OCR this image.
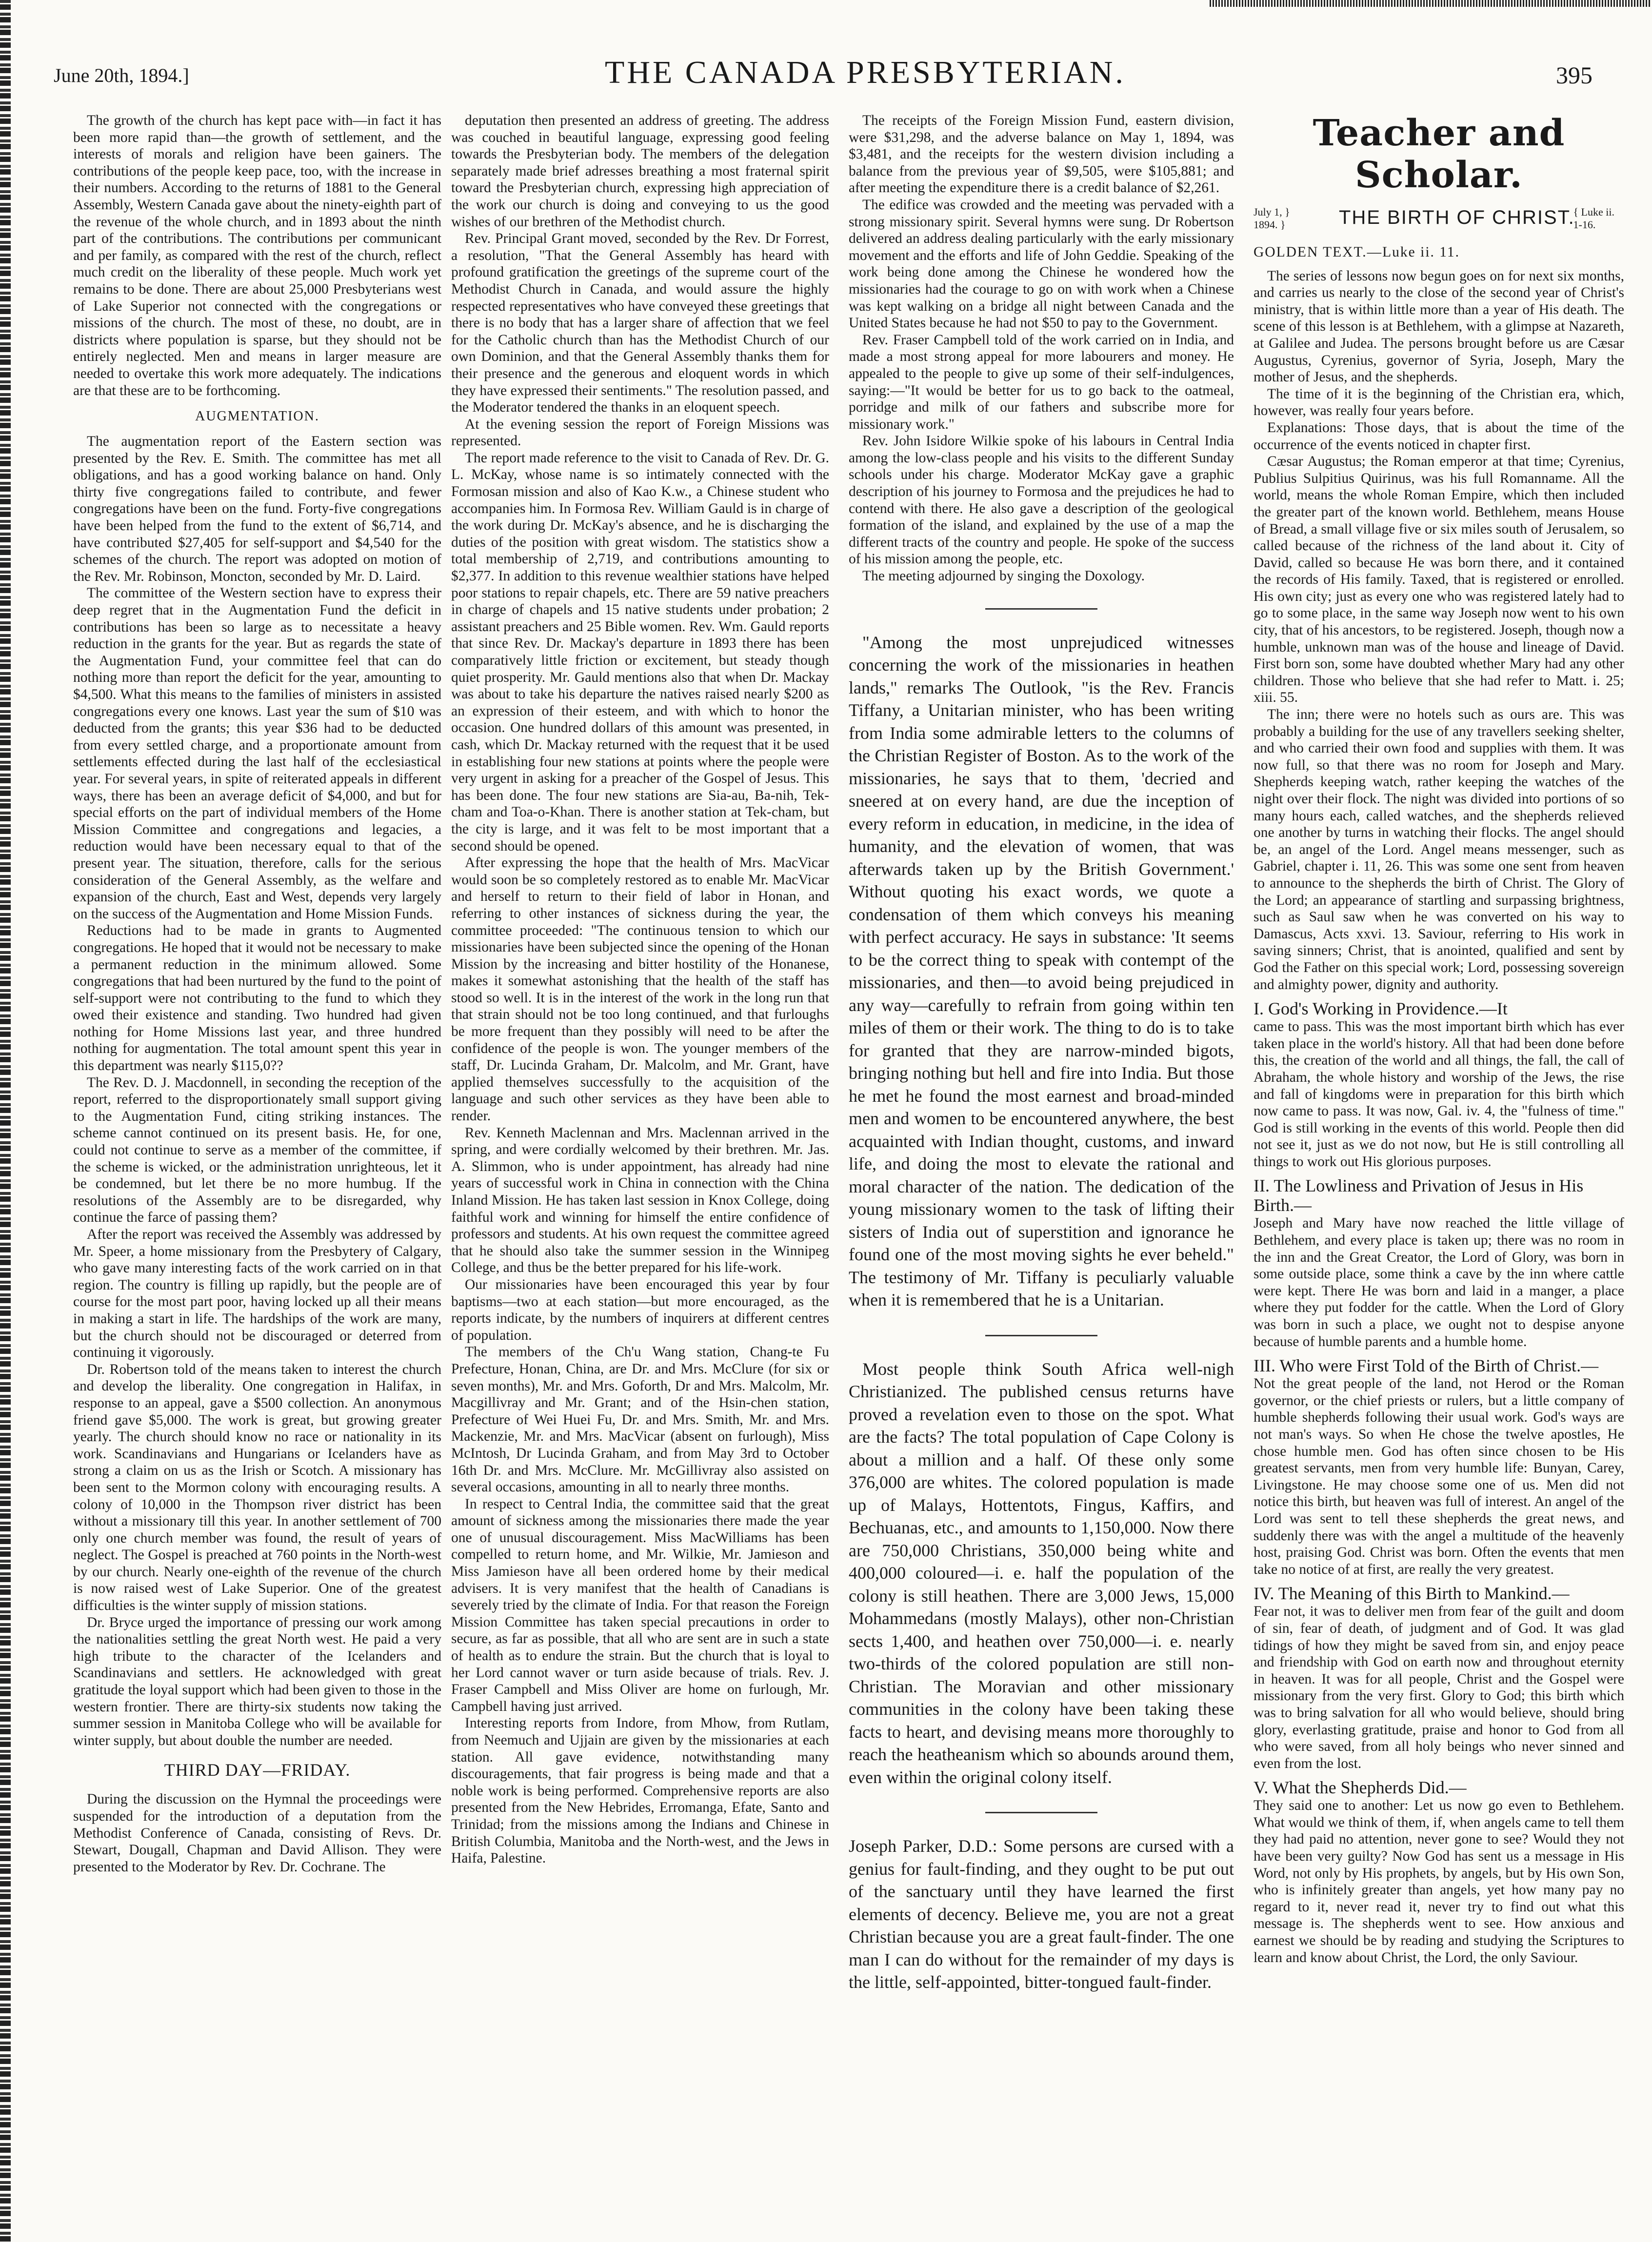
June 20th, 1894.]	THE CANADA PRESBYTERIAN.	395

The growth of the church has kept pace with—in fact it has been more rapid than—the growth of settlement, and the interests of morals and religion have been gainers. The contributions of the people keep pace, too, with the increase in their numbers. According to the returns of 1881 to the General Assembly, Western Canada gave about the ninety-eighth part of the revenue of the whole church, and in 1893 about the ninth part of the contributions. The contributions per communicant and per family, as compared with the rest of the church, reflect much credit on the liberality of these people. Much work yet remains to be done. There are about 25,000 Presbyterians west of Lake Superior not connected with the congregations or missions of the church. The most of these, no doubt, are in districts where population is sparse, but they should not be entirely neglected. Men and means in larger measure are needed to overtake this work more adequately. The indications are that these are to be forthcoming.

AUGMENTATION.

The augmentation report of the Eastern section was presented by the Rev. E. Smith. The committee has met all obligations, and has a good working balance on hand. Only thirty five congregations failed to contribute, and fewer congregations have been on the fund. Forty-five congregations have been helped from the fund to the extent of $6,714, and have contributed $27,405 for self-support and $4,540 for the schemes of the church. The report was adopted on motion of the Rev. Mr. Robinson, Moncton, seconded by Mr. D. Laird.

The committee of the Western section have to express their deep regret that in the Augmentation Fund the deficit in contributions has been so large as to necessitate a heavy reduction in the grants for the year. But as regards the state of the Augmentation Fund, your committee feel that can do nothing more than report the deficit for the year, amounting to $4,500. What this means to the families of ministers in assisted congregations every one knows. Last year the sum of $10 was deducted from the grants; this year $36 had to be deducted from every settled charge, and a proportionate amount from settlements effected during the last half of the ecclesiastical year. For several years, in spite of reiterated appeals in different ways, there has been an average deficit of $4,000, and but for special efforts on the part of individual members of the Home Mission Committee and congregations and legacies, a reduction would have been necessary equal to that of the present year. The situation, therefore, calls for the serious consideration of the General Assembly, as the welfare and expansion of the church, East and West, depends very largely on the success of the Augmentation and Home Mission Funds.

Reductions had to be made in grants to Augmented congregations. He hoped that it would not be necessary to make a permanent reduction in the minimum allowed. Some congregations that had been nurtured by the fund to the point of self-support were not contributing to the fund to which they owed their existence and standing. Two hundred had given nothing for Home Missions last year, and three hundred nothing for augmentation. The total amount spent this year in this department was nearly $115,0??

The Rev. D. J. Macdonnell, in seconding the reception of the report, referred to the disproportionately small support giving to the Augmentation Fund, citing striking instances. The scheme cannot continued on its present basis. He, for one, could not continue to serve as a member of the committee, if the scheme is wicked, or the administration unrighteous, let it be condemned, but let there be no more humbug. If the resolutions of the Assembly are to be disregarded, why continue the farce of passing them?

After the report was received the Assembly was addressed by Mr. Speer, a home missionary from the Presbytery of Calgary, who gave many interesting facts of the work carried on in that region. The country is filling up rapidly, but the people are of course for the most part poor, having locked up all their means in making a start in life. The hardships of the work are many, but the church should not be discouraged or deterred from continuing it vigorously.

Dr. Robertson told of the means taken to interest the church and develop the liberality. One congregation in Halifax, in response to an appeal, gave a $500 collection. An anonymous friend gave $5,000. The work is great, but growing greater yearly. The church should know no race or nationality in its work. Scandinavians and Hungarians or Icelanders have as strong a claim on us as the Irish or Scotch. A missionary has been sent to the Mormon colony with encouraging results. A colony of 10,000 in the Thompson river district has been without a missionary till this year. In another settlement of 700 only one church member was found, the result of years of neglect. The Gospel is preached at 760 points in the North-west by our church. Nearly one-eighth of the revenue of the church is now raised west of Lake Superior. One of the greatest difficulties is the winter supply of mission stations.

Dr. Bryce urged the importance of pressing our work among the nationalities settling the great North west. He paid a very high tribute to the character of the Icelanders and Scandinavians and settlers. He acknowledged with great gratitude the loyal support which had been given to those in the western frontier. There are thirty-six students now taking the summer session in Manitoba College who will be available for winter supply, but about double the number are needed.

THIRD DAY—FRIDAY.

During the discussion on the Hymnal the proceedings were suspended for the introduction of a deputation from the Methodist Conference of Canada, consisting of Revs. Dr. Stewart, Dougall, Chapman and David Allison. They were presented to the Moderator by Rev. Dr. Cochrane. The

deputation then presented an address of greeting. The address was couched in beautiful language, expressing good feeling towards the Presbyterian body. The members of the delegation separately made brief adresses breathing a most fraternal spirit toward the Presbyterian church, expressing high appreciation of the work our church is doing and conveying to us the good wishes of our brethren of the Methodist church.

Rev. Principal Grant moved, seconded by the Rev. Dr Forrest, a resolution, "That the General Assembly has heard with profound gratification the greetings of the supreme court of the Methodist Church in Canada, and would assure the highly respected representatives who have conveyed these greetings that there is no body that has a larger share of affection that we feel for the Catholic church than has the Methodist Church of our own Dominion, and that the General Assembly thanks them for their presence and the generous and eloquent words in which they have expressed their sentiments." The resolution passed, and the Moderator tendered the thanks in an eloquent speech.

At the evening session the report of Foreign Missions was represented.

The report made reference to the visit to Canada of Rev. Dr. G. L. McKay, whose name is so intimately connected with the Formosan mission and also of Kao K.w., a Chinese student who accompanies him. In Formosa Rev. William Gauld is in charge of the work during Dr. McKay's absence, and he is discharging the duties of the position with great wisdom. The statistics show a total membership of 2,719, and contributions amounting to $2,377. In addition to this revenue wealthier stations have helped poor stations to repair chapels, etc. There are 59 native preachers in charge of chapels and 15 native students under probation; 2 assistant preachers and 25 Bible women. Rev. Wm. Gauld reports that since Rev. Dr. Mackay's departure in 1893 there has been comparatively little friction or excitement, but steady though quiet prosperity. Mr. Gauld mentions also that when Dr. Mackay was about to take his departure the natives raised nearly $200 as an expression of their esteem, and with which to honor the occasion. One hundred dollars of this amount was presented, in cash, which Dr. Mackay returned with the request that it be used in establishing four new stations at points where the people were very urgent in asking for a preacher of the Gospel of Jesus. This has been done. The four new stations are Sia-au, Ba-nih, Tek-cham and Toa-o-Khan. There is another station at Tek-cham, but the city is large, and it was felt to be most important that a second should be opened.

After expressing the hope that the health of Mrs. MacVicar would soon be so completely restored as to enable Mr. MacVicar and herself to return to their field of labor in Honan, and referring to other instances of sickness during the year, the committee proceeded: "The continuous tension to which our missionaries have been subjected since the opening of the Honan Mission by the increasing and bitter hostility of the Honanese, makes it somewhat astonishing that the health of the staff has stood so well. It is in the interest of the work in the long run that that strain should not be too long continued, and that furloughs be more frequent than they possibly will need to be after the confidence of the people is won. The younger members of the staff, Dr. Lucinda Graham, Dr. Malcolm, and Mr. Grant, have applied themselves successfully to the acquisition of the language and such other services as they have been able to render.

Rev. Kenneth Maclennan and Mrs. Maclennan arrived in the spring, and were cordially welcomed by their brethren. Mr. Jas. A. Slimmon, who is under appointment, has already had nine years of successful work in China in connection with the China Inland Mission. He has taken last session in Knox College, doing faithful work and winning for himself the entire confidence of professors and students. At his own request the committee agreed that he should also take the summer session in the Winnipeg College, and thus be the better prepared for his life-work.

Our missionaries have been encouraged this year by four baptisms—two at each station—but more encouraged, as the reports indicate, by the numbers of inquirers at different centres of population.

The members of the Ch'u Wang station, Chang-te Fu Prefecture, Honan, China, are Dr. and Mrs. McClure (for six or seven months), Mr. and Mrs. Goforth, Dr and Mrs. Malcolm, Mr. Macgillivray and Mr. Grant; and of the Hsin-chen station, Prefecture of Wei Huei Fu, Dr. and Mrs. Smith, Mr. and Mrs. Mackenzie, Mr. and Mrs. MacVicar (absent on furlough), Miss McIntosh, Dr Lucinda Graham, and from May 3rd to October 16th Dr. and Mrs. McClure. Mr. McGillivray also assisted on several occasions, amounting in all to nearly three months.

In respect to Central India, the committee said that the great amount of sickness among the missionaries there made the year one of unusual discouragement. Miss MacWilliams has been compelled to return home, and Mr. Wilkie, Mr. Jamieson and Miss Jamieson have all been ordered home by their medical advisers. It is very manifest that the health of Canadians is severely tried by the climate of India. For that reason the Foreign Mission Committee has taken special precautions in order to secure, as far as possible, that all who are sent are in such a state of health as to endure the strain. But the church that is loyal to her Lord cannot waver or turn aside because of trials. Rev. J. Fraser Campbell and Miss Oliver are home on furlough, Mr. Campbell having just arrived.

Interesting reports from Indore, from Mhow, from Rutlam, from Neemuch and Ujjain are given by the missionaries at each station. All gave evidence, notwithstanding many discouragements, that fair progress is being made and that a noble work is being performed. Comprehensive reports are also presented from the New Hebrides, Erromanga, Efate, Santo and Trinidad; from the missions among the Indians and Chinese in British Columbia, Manitoba and the North-west, and the Jews in Haifa, Palestine.

The receipts of the Foreign Mission Fund, eastern division, were $31,298, and the adverse balance on May 1, 1894, was $3,481, and the receipts for the western division including a balance from the previous year of $9,505, were $105,881; and after meeting the expenditure there is a credit balance of $2,261.

The edifice was crowded and the meeting was pervaded with a strong missionary spirit. Several hymns were sung. Dr Robertson delivered an address dealing particularly with the early missionary movement and the efforts and life of John Geddie. Speaking of the work being done among the Chinese he wondered how the missionaries had the courage to go on with work when a Chinese was kept walking on a bridge all night between Canada and the United States because he had not $50 to pay to the Government.

Rev. Fraser Campbell told of the work carried on in India, and made a most strong appeal for more labourers and money. He appealed to the people to give up some of their self-indulgences, saying:—"It would be better for us to go back to the oatmeal, porridge and milk of our fathers and subscribe more for missionary work."

Rev. John Isidore Wilkie spoke of his labours in Central India among the low-class people and his visits to the different Sunday schools under his charge. Moderator McKay gave a graphic description of his journey to Formosa and the prejudices he had to contend with there. He also gave a description of the geological formation of the island, and explained by the use of a map the different tracts of the country and people. He spoke of the success of his mission among the people, etc.

The meeting adjourned by singing the Doxology.

"Among the most unprejudiced witnesses concerning the work of the missionaries in heathen lands," remarks The Outlook, "is the Rev. Francis Tiffany, a Unitarian minister, who has been writing from India some admirable letters to the columns of the Christian Register of Boston. As to the work of the missionaries, he says that to them, 'decried and sneered at on every hand, are due the inception of every reform in education, in medicine, in the idea of humanity, and the elevation of women, that was afterwards taken up by the British Government.' Without quoting his exact words, we quote a condensation of them which conveys his meaning with perfect accuracy. He says in substance: 'It seems to be the correct thing to speak with contempt of the missionaries, and then—to avoid being prejudiced in any way—carefully to refrain from going within ten miles of them or their work. The thing to do is to take for granted that they are narrow-minded bigots, bringing nothing but hell and fire into India. But those he met he found the most earnest and broad-minded men and women to be encountered anywhere, the best acquainted with Indian thought, customs, and inward life, and doing the most to elevate the rational and moral character of the nation. The dedication of the young missionary women to the task of lifting their sisters of India out of superstition and ignorance he found one of the most moving sights he ever beheld." The testimony of Mr. Tiffany is peculiarly valuable when it is remembered that he is a Unitarian.

Most people think South Africa well-nigh Christianized. The published census returns have proved a revelation even to those on the spot. What are the facts? The total population of Cape Colony is about a million and a half. Of these only some 376,000 are whites. The colored population is made up of Malays, Hottentots, Fingus, Kaffirs, and Bechuanas, etc., and amounts to 1,150,000. Now there are 750,000 Christians, 350,000 being white and 400,000 coloured—i. e. half the population of the colony is still heathen. There are 3,000 Jews, 15,000 Mohammedans (mostly Malays), other non-Christian sects 1,400, and heathen over 750,000—i. e. nearly two-thirds of the colored population are still non-Christian. The Moravian and other missionary communities in the colony have been taking these facts to heart, and devising means more thoroughly to reach the heatheanism which so abounds around them, even within the original colony itself.

Joseph Parker, D.D.: Some persons are cursed with a genius for fault-finding, and they ought to be put out of the sanctuary until they have learned the first elements of decency. Believe me, you are not a great Christian because you are a great fault-finder. The one man I can do without for the remainder of my days is the little, self-appointed, bitter-tongued fault-finder.

Teacher and Scholar.
July 1, }
1894. }	THE BIRTH OF CHRIST.
{ Luke ii.
1-16.

GOLDEN TEXT.—Luke ii. 11.

The series of lessons now begun goes on for next six months, and carries us nearly to the close of the second year of Christ's ministry, that is within little more than a year of His death. The scene of this lesson is at Bethlehem, with a glimpse at Nazareth, at Galilee and Judea. The persons brought before us are Cæsar Augustus, Cyrenius, governor of Syria, Joseph, Mary the mother of Jesus, and the shepherds.

The time of it is the beginning of the Christian era, which, however, was really four years before.

Explanations: Those days, that is about the time of the occurrence of the events noticed in chapter first.

Cæsar Augustus; the Roman emperor at that time; Cyrenius, Publius Sulpitius Quirinus, was his full Romanname. All the world, means the whole Roman Empire, which then included the greater part of the known world. Bethlehem, means House of Bread, a small village five or six miles south of Jerusalem, so called because of the richness of the land about it. City of David, called so because He was born there, and it contained the records of His family. Taxed, that is registered or enrolled. His own city; just as every one who was registered lately had to go to some place, in the same way Joseph now went to his own city, that of his ancestors, to be registered. Joseph, though now a humble, unknown man was of the house and lineage of David. First born son, some have doubted whether Mary had any other children. Those who believe that she had refer to Matt. i. 25; xiii. 55.

The inn; there were no hotels such as ours are. This was probably a building for the use of any travellers seeking shelter, and who carried their own food and supplies with them. It was now full, so that there was no room for Joseph and Mary. Shepherds keeping watch, rather keeping the watches of the night over their flock. The night was divided into portions of so many hours each, called watches, and the shepherds relieved one another by turns in watching their flocks. The angel should be, an angel of the Lord. Angel means messenger, such as Gabriel, chapter i. 11, 26. This was some one sent from heaven to announce to the shepherds the birth of Christ. The Glory of the Lord; an appearance of startling and surpassing brightness, such as Saul saw when he was converted on his way to Damascus, Acts xxvi. 13. Saviour, referring to His work in saving sinners; Christ, that is anointed, qualified and sent by God the Father on this special work; Lord, possessing sovereign and almighty power, dignity and authority.

I. God's Working in Providence.—It

came to pass. This was the most important birth which has ever taken place in the world's history. All that had been done before this, the creation of the world and all things, the fall, the call of Abraham, the whole history and worship of the Jews, the rise and fall of kingdoms were in preparation for this birth which now came to pass. It was now, Gal. iv. 4, the "fulness of time." God is still working in the events of this world. People then did not see it, just as we do not now, but He is still controlling all things to work out His glorious purposes.

II. The Lowliness and Privation of Jesus in His Birth.—

Joseph and Mary have now reached the little village of Bethlehem, and every place is taken up; there was no room in the inn and the Great Creator, the Lord of Glory, was born in some outside place, some think a cave by the inn where cattle were kept. There He was born and laid in a manger, a place where they put fodder for the cattle. When the Lord of Glory was born in such a place, we ought not to despise anyone because of humble parents and a humble home.

III. Who were First Told of the Birth of Christ.—

Not the great people of the land, not Herod or the Roman governor, or the chief priests or rulers, but a little company of humble shepherds following their usual work. God's ways are not man's ways. So when He chose the twelve apostles, He chose humble men. God has often since chosen to be His greatest servants, men from very humble life: Bunyan, Carey, Livingstone. He may choose some one of us. Men did not notice this birth, but heaven was full of interest. An angel of the Lord was sent to tell these shepherds the great news, and suddenly there was with the angel a multitude of the heavenly host, praising God. Christ was born. Often the events that men take no notice of at first, are really the very greatest.

IV. The Meaning of this Birth to Mankind.—

Fear not, it was to deliver men from fear of the guilt and doom of sin, fear of death, of judgment and of God. It was glad tidings of how they might be saved from sin, and enjoy peace and friendship with God on earth now and throughout eternity in heaven. It was for all people, Christ and the Gospel were missionary from the very first. Glory to God; this birth which was to bring salvation for all who would believe, should bring glory, everlasting gratitude, praise and honor to God from all who were saved, from all holy beings who never sinned and even from the lost.

V. What the Shepherds Did.—

They said one to another: Let us now go even to Bethlehem. What would we think of them, if, when angels came to tell them they had paid no attention, never gone to see? Would they not have been very guilty? Now God has sent us a message in His Word, not only by His prophets, by angels, but by His own Son, who is infinitely greater than angels, yet how many pay no regard to it, never read it, never try to find out what this message is. The shepherds went to see. How anxious and earnest we should be by reading and studying the Scriptures to learn and know about Christ, the Lord, the only Saviour.
